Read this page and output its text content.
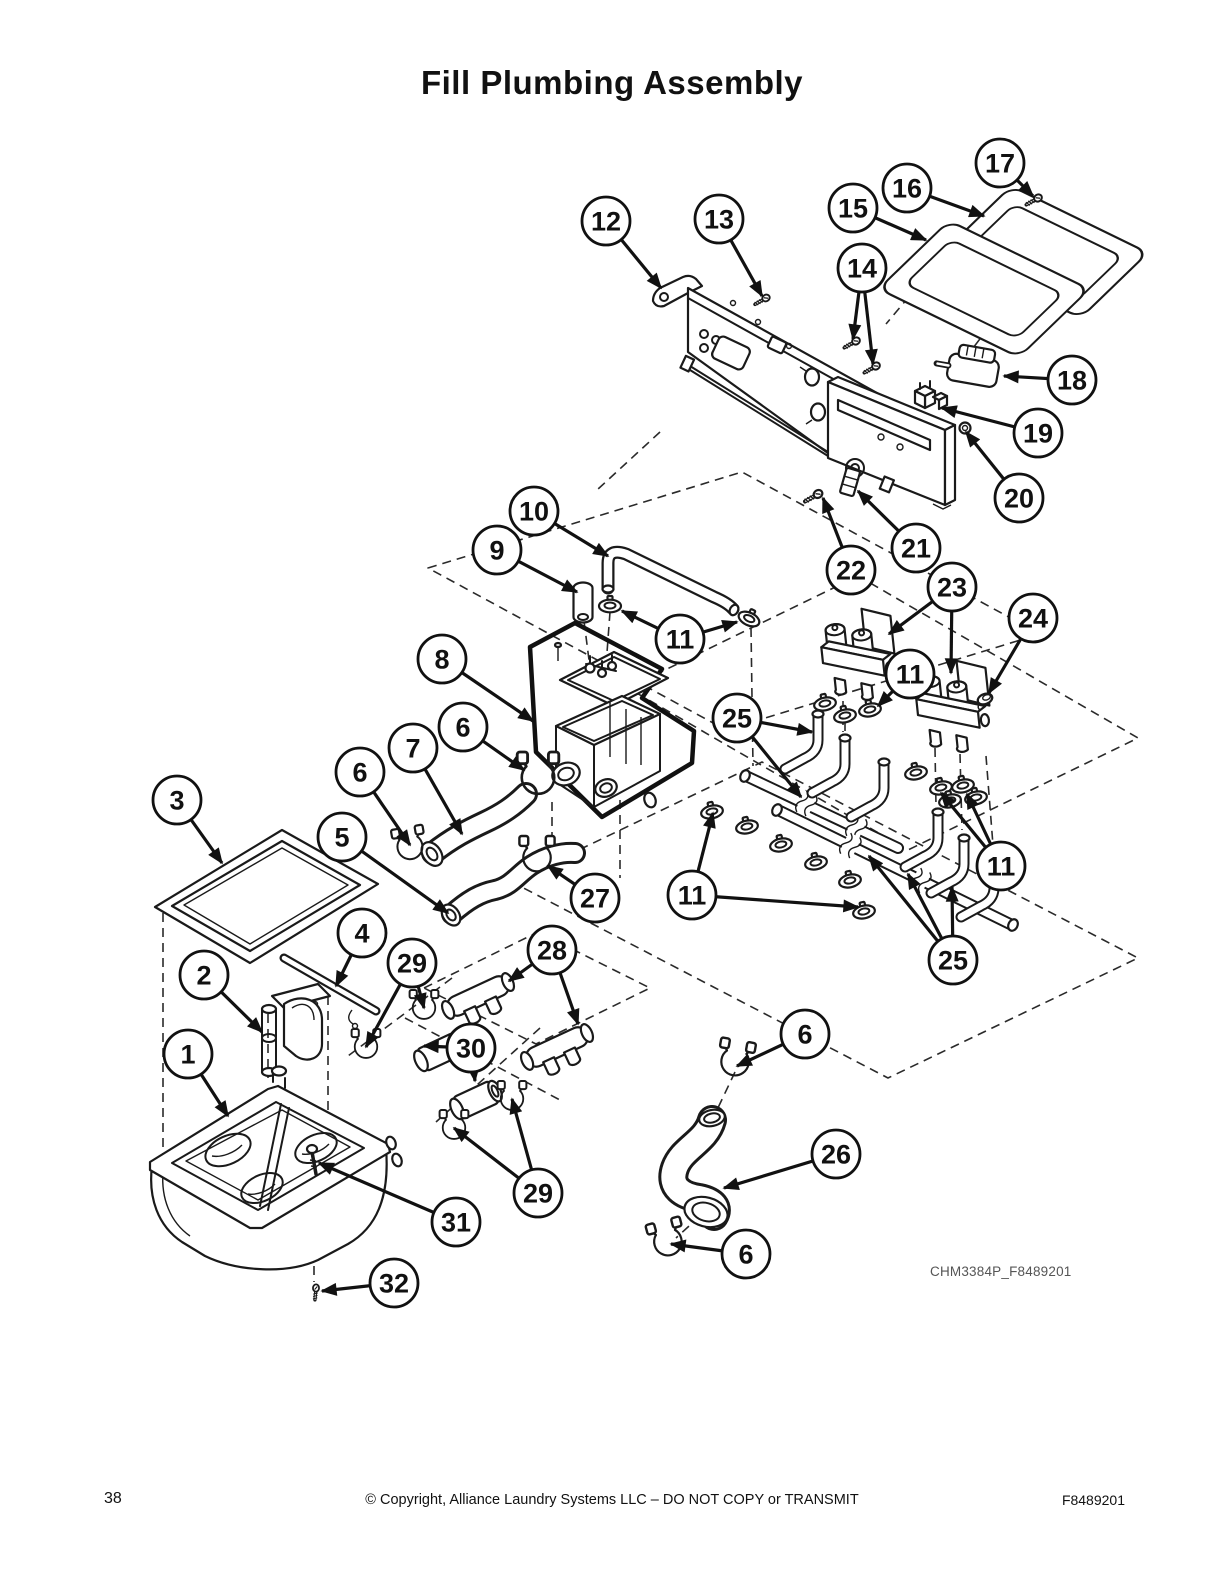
Fill Plumbing Assembly
1
2
3
4
5
6
6
6
6
7
8
9
10
11
11
11
11
12	13
14
15
16
17
18
19
20
21
22
23
24
25
25
26
27
28
29
29
30
31
32	CHM3384P_F8489201
38	© Copyright, Alliance Laundry Systems LLC – DO NOT COPY or TRANSMIT	F8489201
